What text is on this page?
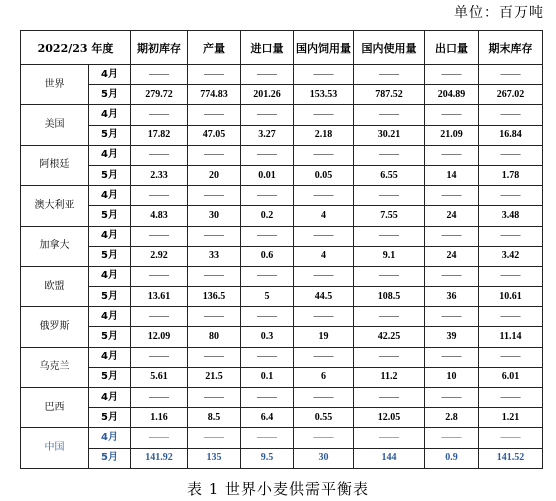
单位：百万吨
2022/23 年度		期初库存	产量	进口量	国内饲用量	国内使用量	出口量	期末库存
世界	4月	——	——	——	——	——	——	——
	5月	279.72	774.83	201.26	153.53	787.52	204.89	267.02
美国	4月	——	——	——	——	——	——	——
	5月	17.82	47.05	3.27	2.18	30.21	21.09	16.84
阿根廷	4月	——	——	——	——	——	——	——
	5月	2.33	20	0.01	0.05	6.55	14	1.78
澳大利亚	4月	——	——	——	——	——	——	——
	5月	4.83	30	0.2	4	7.55	24	3.48
加拿大	4月	——	——	——	——	——	——	——
	5月	2.92	33	0.6	4	9.1	24	3.42
欧盟	4月	——	——	——	——	——	——	——
	5月	13.61	136.5	5	44.5	108.5	36	10.61
俄罗斯	4月	——	——	——	——	——	——	——
	5月	12.09	80	0.3	19	42.25	39	11.14
乌克兰	4月	——	——	——	——	——	——	——
	5月	5.61	21.5	0.1	6	11.2	10	6.01
巴西	4月	——	——	——	——	——	——	——
	5月	1.16	8.5	6.4	0.55	12.05	2.8	1.21
中国	4月	——	——	——	——	——	——	——
	5月	141.92	135	9.5	30	144	0.9	141.52
表 1 世界小麦供需平衡表
